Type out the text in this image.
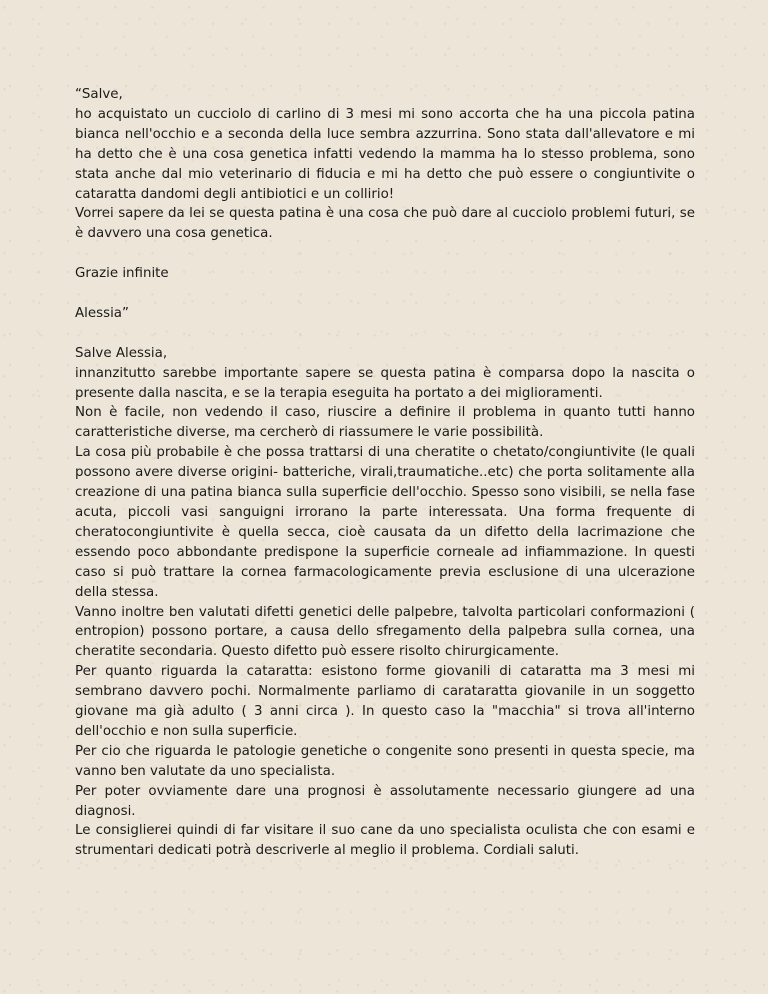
“Salve,
ho acquistato un cucciolo di carlino di 3 mesi mi sono accorta che ha una piccola patina bianca nell'occhio e a seconda della luce sembra azzurrina. Sono stata dall'allevatore e mi ha detto che è una cosa genetica infatti vedendo la mamma ha lo stesso problema, sono stata anche dal mio veterinario di fiducia e mi ha detto che può essere o congiuntivite o cataratta dandomi degli antibiotici e un collirio!
Vorrei sapere da lei se questa patina è una cosa che può dare al cucciolo problemi futuri, se è davvero una cosa genetica.

Grazie infinite

Alessia”

Salve Alessia,
innanzitutto sarebbe importante sapere se questa patina è comparsa dopo la nascita o presente dalla nascita, e se la terapia eseguita ha portato a dei miglioramenti.
Non è facile, non vedendo il caso, riuscire a definire il problema in quanto tutti hanno caratteristiche diverse, ma cercherò di riassumere le varie possibilità.
La cosa più probabile è che possa trattarsi di una cheratite o chetato/congiuntivite (le quali possono avere diverse origini- batteriche, virali,traumatiche..etc) che porta solitamente alla creazione di una patina bianca sulla superficie dell'occhio. Spesso sono visibili, se nella fase acuta, piccoli vasi sanguigni irrorano la parte interessata. Una forma frequente di cheratocongiuntivite è quella secca, cioè causata da un difetto della lacrimazione che essendo poco abbondante predispone la superficie corneale ad infiammazione. In questi caso si può trattare la cornea farmacologicamente previa esclusione di una ulcerazione della stessa.
Vanno inoltre ben valutati difetti genetici delle palpebre, talvolta particolari conformazioni ( entropion) possono portare, a causa dello sfregamento della palpebra sulla cornea, una cheratite secondaria. Questo difetto può essere risolto chirurgicamente.
Per quanto riguarda la cataratta: esistono forme giovanili di cataratta ma 3 mesi mi sembrano davvero pochi. Normalmente parliamo di carataratta giovanile in un soggetto giovane ma già adulto ( 3 anni circa ). In questo caso la "macchia" si trova all'interno dell'occhio e non sulla superficie.
Per cio che riguarda le patologie genetiche o congenite sono presenti in questa specie, ma vanno ben valutate da uno specialista.
Per poter ovviamente dare una prognosi è assolutamente necessario giungere ad una diagnosi.
Le consiglierei quindi di far visitare il suo cane da uno specialista oculista che con esami e strumentari dedicati potrà descriverle al meglio il problema. Cordiali saluti.
